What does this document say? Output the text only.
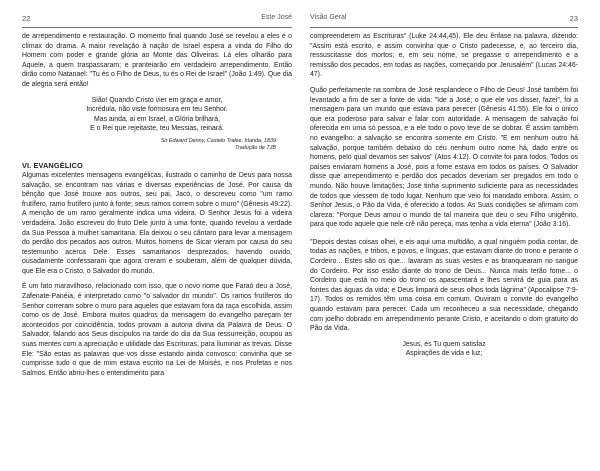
22	Este José

de arrependimento e restauração. O momento final quando José se revelou a eles é o clímax do drama. A maior revelação à nação de Israel espera a vinda do Filho do Homem com poder e grande glória ao Monte das Oliveiras. Lá eles olharão para Aquele, a quem traspassaram; e pranteiarão em verdadeiro arrependimento. Então dirão como Natanael: "Tu és o Filho de Deus, tu és o Rei de Israel" (João 1:49). Que dia de alegria será então!

Sião! Quando Cristo vier em graça e amor,
Incrédula, não viste formosura em teu Senhor.
Mas ainda, ai em Israel, a Glória brilhará,
E o Rei que rejeitaste, teu Messias, reinará.
Sir Edward Denny, Castelo Tralee, Irlanda, 1839
Tradução de TJB
VI. EVANGÉLICO

Algumas excelentes mensagens evangélicas, ilustrado o caminho de Deus para nossa salvação, se encontram nas várias e diversas experiências de José. Por causa da bênção que José trouxe aos outros, seu pai, Jacó, o descreveu como "um ramo frutífero, ramo frutífero junto à fonte; seus ramos correm sobre o muro" (Gênesis 49:22). A menção de um ramo geralmente indica uma videira. O Senhor Jesus foi a videira verdadeira. João escreveu do fruto Dele junto à uma fonte, quando revelou a verdade da Sua Pessoa à mulher samaritana. Ela deixou o seu cântaro para levar a mensagem do perdão dos pecados aos outros. Muitos homens de Sicar vieram por causa do seu testemunho acerca Dele. Esses samaritanos desprezados, havendo ouvido, ousadamente confessaram que agora creram e souberam, além de qualquer dúvida, que Ele era o Cristo, o Salvador do mundo.

É um fato maravilhoso, relacionado com isso, que o novo nome que Faraó deu a José, Zafenate-Panéia, é interpretado como "o salvador do mundo". Os ramos frutíferos do Senhor correram sobre o muro para aqueles que estavam fora da raça escolhida, assim como os de José. Embora muitos quadros da mensagem do evangelho pareçam ter acontecidos por coincidência, todos provam a autoria divina da Palavra de Deus. O Salvador, falando aos Seus discípulos na tarde do dia da Sua ressurreição, ocupou as suas mentes com a apreciação e utilidade das Escrituras, para iluminar as trevas. Disse Ele: "São estas as palavras que vos disse estando ainda convosco: convinha que se cumprisse tudo o que de mim estava escrito na Lei de Moisés, e nos Profetas e nos Salmos. Então abriu-lhes o entendimento para

Visão Geral	23

compreenderem as Escrituras" (Luke 24:44,45). Ele deu ênfase na palavra, dizendo: "Assim está escrito, e assim convinha que o Cristo padecesse, e, ao terceiro dia, ressuscitasse dos mortos; e, em seu nome, se pregasse o arrependimento e a remissão dos pecados, em todas as nações, começando por Jerusalém" (Lucas 24:46-47).

Quão perfeitamente na sombra de José resplandece o Filho de Deus! José também foi levantado a fim de ser a fonte de vida: "Ide a José; o que ele vos disser, fazei", foi a mensagem para um mundo que estava para perecer (Gênesis 41:55). Ele foi o único que era poderoso para salvar e falar com autoridade. A mensagem de salvação foi oferecida em uma só pessoa, e a ele todo o povo teve de se dobrar. É assim também no evangelho: a salvação se encontra somente em Cristo. "E em nenhum outro há salvação, porque também debaixo do céu nenhum outro nome há, dado entre os homens, pelo qual devamos ser salvos" (Atos 4:12). O convite foi para todos. Todos os países enviaram homens a José, pois a fome estava em todos os países. O Salvador disse que arrependimento e perdão dos pecados deveriam ser pregados em todo o mundo. Não houve limitações; José tinha suprimento suficiente para as necessidades de todos que viessem de todo lugar. Nenhum que veio foi mandado embora. Assim, o Senhor Jesus, o Pão da Vida, é oferecido a todos. As Suas condições se afirmam com clareza: "Porque Deus amou o mundo de tal maneira que deu o seu Filho unigênito, para que todo aquele que nele crê não pereça, mas tenha a vida eterna" (João 3:16).

"Depois destas coisas olhei, e eis aqui uma multidão, a qual ninguém podia contar, de todas as nações, e tribos, e povos, e línguas, que estavam diante do trono e perante o Cordeiro... Estes são os que... lavaram as suas vestes e as branquearam no sangue do Cordeiro. Por isso estão diante do trono de Deus... Nunca mais terão fome... o Cordeiro que está no meio do trono os apascentará e lhes servirá de guia para as fontes das águas da vida; e Deus limpará de seus olhos toda lágrima" (Apocalipse 7:9-17). Todos os remidos têm uma coisa em comum. Ouviram o convite do evangelho quando estavam para perecer. Cada um reconheceu a sua necessidade, chegando com joelho dobrado em arrependimento perante Cristo, e aceitando o dom gratuito do Pão da Vida.

Jesus, és Tu quem satisfaz
Aspirações de vida e luz;
